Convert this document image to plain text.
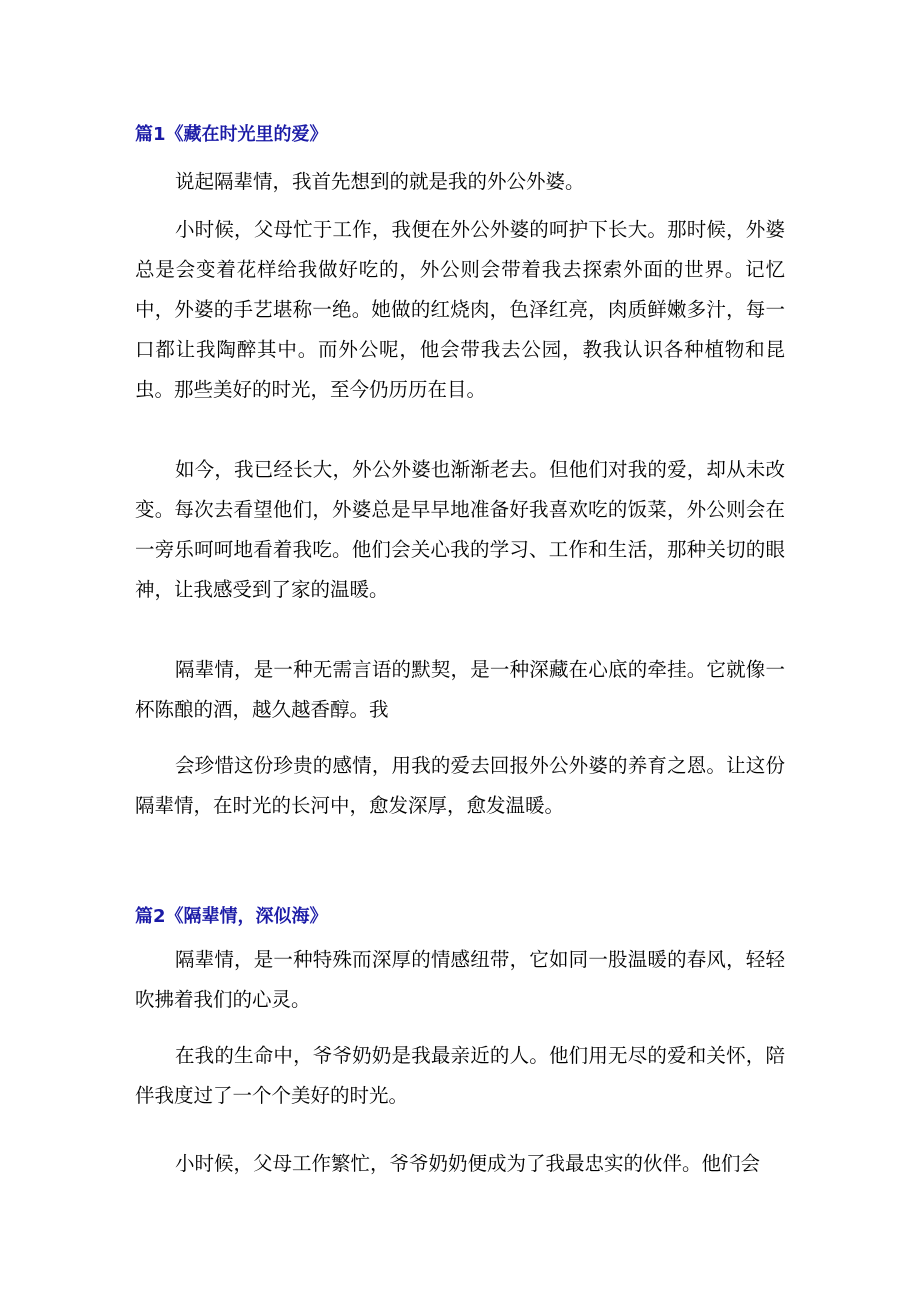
篇1《藏在时光里的爱》

说起隔辈情，我首先想到的就是我的外公外婆。

小时候，父母忙于工作，我便在外公外婆的呵护下长大。那时候，外婆总是会变着花样给我做好吃的，外公则会带着我去探索外面的世界。记忆中，外婆的手艺堪称一绝。她做的红烧肉，色泽红亮，肉质鲜嫩多汁，每一口都让我陶醉其中。而外公呢，他会带我去公园，教我认识各种植物和昆虫。那些美好的时光，至今仍历历在目。

如今，我已经长大，外公外婆也渐渐老去。但他们对我的爱，却从未改变。每次去看望他们，外婆总是早早地准备好我喜欢吃的饭菜，外公则会在一旁乐呵呵地看着我吃。他们会关心我的学习、工作和生活，那种关切的眼神，让我感受到了家的温暖。

隔辈情，是一种无需言语的默契，是一种深藏在心底的牵挂。它就像一杯陈酿的酒，越久越香醇。我

会珍惜这份珍贵的感情，用我的爱去回报外公外婆的养育之恩。让这份隔辈情，在时光的长河中，愈发深厚，愈发温暖。

篇2《隔辈情，深似海》

隔辈情，是一种特殊而深厚的情感纽带，它如同一股温暖的春风，轻轻吹拂着我们的心灵。

在我的生命中，爷爷奶奶是我最亲近的人。他们用无尽的爱和关怀，陪伴我度过了一个个美好的时光。

小时候，父母工作繁忙，爷爷奶奶便成为了我最忠实的伙伴。他们会
